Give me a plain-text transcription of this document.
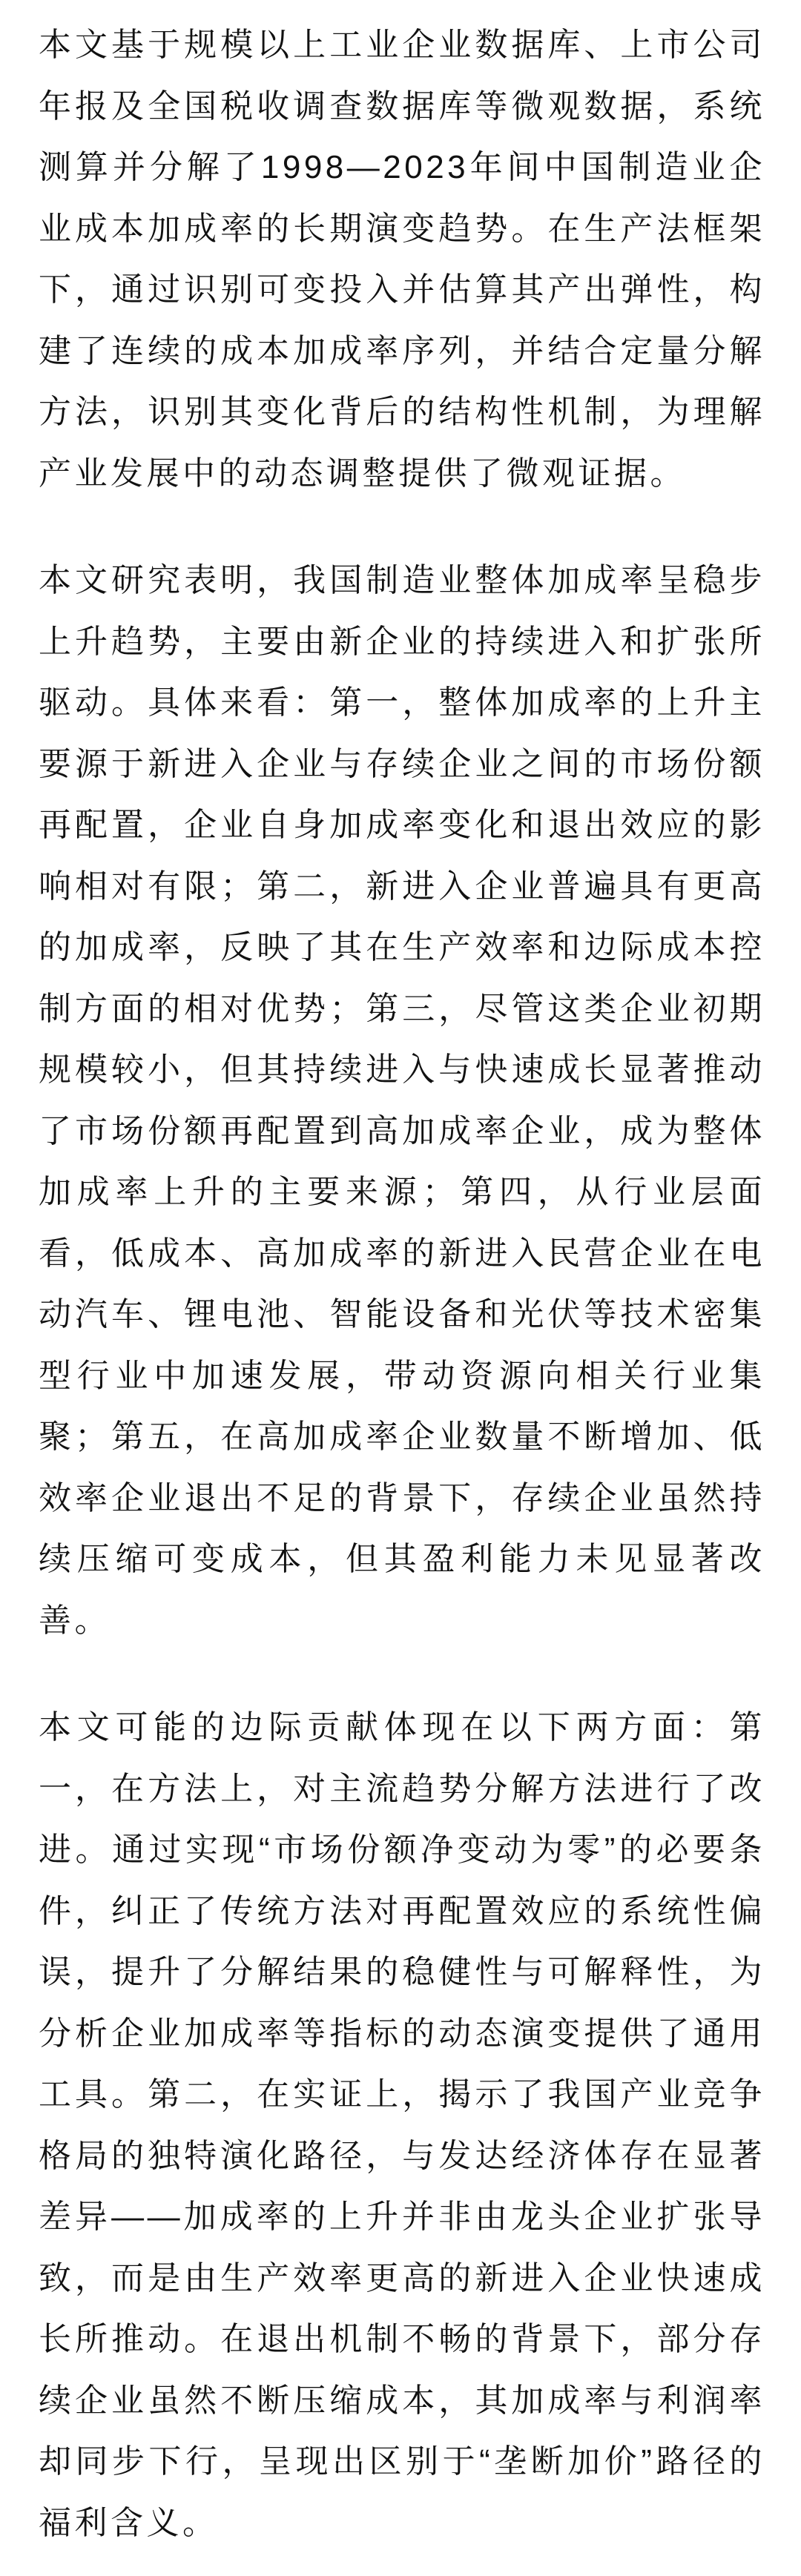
本文基于规模以上工业企业数据库、上市公司年报及全国税收调查数据库等微观数据，系统测算并分解了1998—2023年间中国制造业企业成本加成率的长期演变趋势。在生产法框架下，通过识别可变投入并估算其产出弹性，构建了连续的成本加成率序列，并结合定量分解方法，识别其变化背后的结构性机制，为理解产业发展中的动态调整提供了微观证据。

本文研究表明，我国制造业整体加成率呈稳步上升趋势，主要由新企业的持续进入和扩张所驱动。具体来看：第一，整体加成率的上升主要源于新进入企业与存续企业之间的市场份额再配置，企业自身加成率变化和退出效应的影响相对有限；第二，新进入企业普遍具有更高的加成率，反映了其在生产效率和边际成本控制方面的相对优势；第三，尽管这类企业初期规模较小，但其持续进入与快速成长显著推动了市场份额再配置到高加成率企业，成为整体加成率上升的主要来源；第四，从行业层面看，低成本、高加成率的新进入民营企业在电动汽车、锂电池、智能设备和光伏等技术密集型行业中加速发展，带动资源向相关行业集聚；第五，在高加成率企业数量不断增加、低效率企业退出不足的背景下，存续企业虽然持续压缩可变成本，但其盈利能力未见显著改善。

本文可能的边际贡献体现在以下两方面：第一，在方法上，对主流趋势分解方法进行了改进。通过实现“市场份额净变动为零”的必要条件，纠正了传统方法对再配置效应的系统性偏误，提升了分解结果的稳健性与可解释性，为分析企业加成率等指标的动态演变提供了通用工具。第二，在实证上，揭示了我国产业竞争格局的独特演化路径，与发达经济体存在显著差异——加成率的上升并非由龙头企业扩张导致，而是由生产效率更高的新进入企业快速成长所推动。在退出机制不畅的背景下，部分存续企业虽然不断压缩成本，其加成率与利润率却同步下行，呈现出区别于“垄断加价”路径的福利含义。
